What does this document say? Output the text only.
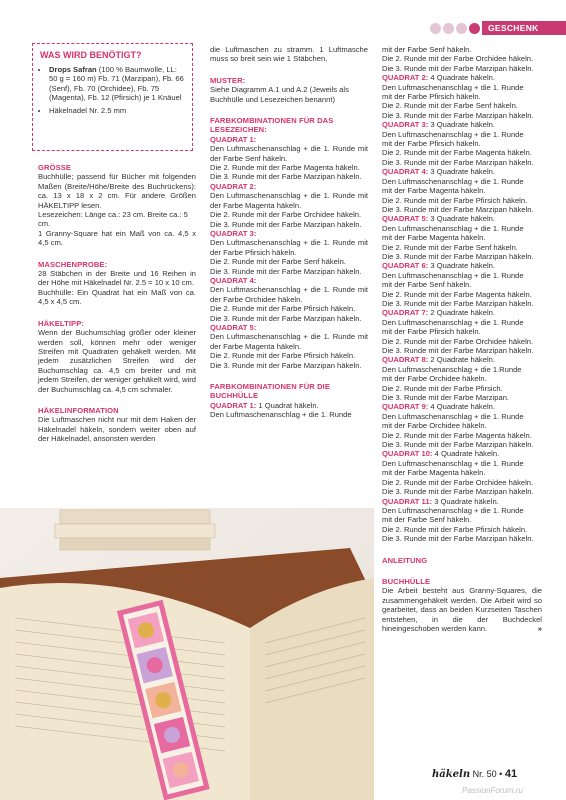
GESCHENK
WAS WIRD BENÖTIGT?
• Drops Safran (100 % Baumwolle, LL: 50 g = 160 m) Fb. 71 (Marzipan), Fb. 66 (Senf), Fb. 70 (Orchidee), Fb. 75 (Magenta), Fb. 12 (Pfirsich) je 1 Knäuel
• Häkelnadel Nr. 2.5 mm

GRÖSSE

Buchhülle; passend für Bücher mit folgenden Maßen (Breite/Höhe/Breite des Buchrückens): ca. 13 x 18 x 2 cm. Für andere Größen HÄKELTIPP lesen.

Lesezeichen: Länge ca.: 23 cm. Breite ca.: 5 cm.

1 Granny-Square hat ein Maß von ca. 4,5 x 4,5 cm.

MASCHENPROBE:

28 Stäbchen in der Breite und 16 Reihen in der Höhe mit Häkelnadel Nr. 2.5 = 10 x 10 cm.

Buchhülle: Ein Quadrat hat ein Maß von ca. 4,5 x 4,5 cm.

HÄKELTIPP:

Wenn der Buchumschlag größer oder kleiner werden soll, können mehr oder weniger Streifen mit Quadraten gehäkelt werden. Mit jedem zusätzlichen Streifen wird der Buchumschlag ca. 4,5 cm breiter und mit jedem Streifen, der weniger gehäkelt wird, wird der Buchumschlag ca. 4,5 cm schmaler.

HÄKELINFORMATION

Die Luftmaschen nicht nur mit dem Haken der Häkelnadel häkeln, sondern weiter oben auf der Häkelnadel, ansonsten werden

die Luftmaschen zu stramm. 1 Luftmasche muss so breit sein wie 1 Stäbchen.

MUSTER:

Siehe Diagramm A.1 und A.2 (Jeweils als Buchhülle und Lesezeichen benannt)

FARBKOMBINATIONEN FÜR DAS LESEZEICHEN:

QUADRAT 1:

Den Luftmaschenanschlag + die 1. Runde mit der Farbe Senf häkeln.

Die 2. Runde mit der Farbe Magenta häkeln.

Die 3. Runde mit der Farbe Marzipan häkeln.

QUADRAT 2:

Den Luftmaschenanschlag + die 1. Runde mit der Farbe Magenta häkeln.

Die 2. Runde mit der Farbe Orchidee häkeln.

Die 3. Runde mit der Farbe Marzipan häkeln.

QUADRAT 3:

Den Luftmaschenanschlag + die 1. Runde mit der Farbe Pfirsich häkeln.

Die 2. Runde mit der Farbe Senf häkeln.

Die 3. Runde mit der Farbe Marzipan häkeln.

QUADRAT 4:

Den Luftmaschenanschlag + die 1. Runde mit der Farbe Orchidee häkeln.

Die 2. Runde mit der Farbe Pfirsich häkeln.

Die 3. Runde mit der Farbe Marzipan häkeln.

QUADRAT 5:

Den Luftmaschenanschlag + die 1. Runde mit der Farbe Magenta häkeln.

Die 2. Runde mit der Farbe Pfirsich häkeln.

Die 3. Runde mit der Farbe Marzipan häkeln.

FARBKOMBINATIONEN FÜR DIE BUCHHÜLLE

QUADRAT 1: 1 Quadrat häkeln.

Den Luftmaschenanschlag + die 1. Runde

mit der Farbe Senf häkeln.

Die 2. Runde mit der Farbe Orchidee häkeln.

Die 3. Runde mit der Farbe Marzipan häkeln.

QUADRAT 2: 4 Quadrate häkeln.

Den Luftmaschenanschlag + die 1. Runde

mit der Farbe Pfirsich häkeln.

Die 2. Runde mit der Farbe Senf häkeln.

Die 3. Runde mit der Farbe Marzipan häkeln.

QUADRAT 3: 3 Quadrate häkeln.

Den Luftmaschenanschlag + die 1. Runde

mit der Farbe Pfirsich häkeln.

Die 2. Runde mit der Farbe Magenta häkeln.

Die 3. Runde mit der Farbe Marzipan häkeln.

QUADRAT 4: 3 Quadrate häkeln.

Den Luftmaschenanschlag + die 1. Runde

mit der Farbe Magenta häkeln.

Die 2. Runde mit der Farbe Pfirsich häkeln.

Die 3. Runde mit der Farbe Marzipan häkeln.

QUADRAT 5: 3 Quadrate häkeln.

Den Luftmaschenanschlag + die 1. Runde

mit der Farbe Magenta häkeln.

Die 2. Runde mit der Farbe Senf häkeln.

Die 3. Runde mit der Farbe Marzipan häkeln.

QUADRAT 6: 3 Quadrate häkeln.

Den Luftmaschenanschlag + die 1. Runde

mit der Farbe Senf häkeln.

Die 2. Runde mit der Farbe Magenta häkeln.

Die 3. Runde mit der Farbe Marzipan häkeln.

QUADRAT 7: 2 Quadrate häkeln.

Den Luftmaschenanschlag + die 1. Runde

mit der Farbe Pfirsich häkeln.

Die 2. Runde mit der Farbe Orchidee häkeln.

Die 3. Runde mit der Farbe Marzipan häkeln.

QUADRAT 8: 2 Quadrate häkeln.

Den Luftmaschenanschlag + die 1.Runde

mit der Farbe Orchidee häkeln.

Die 2. Runde mit der Farbe Pfirsich.

Die 3. Runde mit der Farbe Marzipan.

QUADRAT 9: 4 Quadrate häkeln.

Den Luftmaschenanschlag + die 1. Runde

mit der Farbe Orchidee häkeln.

Die 2. Runde mit der Farbe Magenta häkeln.

Die 3. Runde mit der Farbe Marzipan häkeln.

QUADRAT 10: 4 Quadrate häkeln.

Den Luftmaschenanschlag + die 1. Runde

mit der Farbe Magenta häkeln.

Die 2. Runde mit der Farbe Orchidee häkeln.

Die 3. Runde mit der Farbe Marzipan häkeln.

QUADRAT 11: 3 Quadrate häkeln.

Den Luftmaschenanschlag + die 1. Runde

mit der Farbe Senf häkeln.

Die 2. Runde mit der Farbe Pfirsich häkeln.

Die 3. Runde mit der Farbe Marzipan häkeln.

ANLEITUNG

BUCHHÜLLE

Die Arbeit besteht aus Granny-Squares, die zusammengehäkelt werden. Die Arbeit wird so gearbeitet, dass an beiden Kurzseiten Taschen entstehen, in die der Buchdeckel hineingeschoben werden kann.	»

häkeln Nr. 50 • 41
PassionForum.ru
